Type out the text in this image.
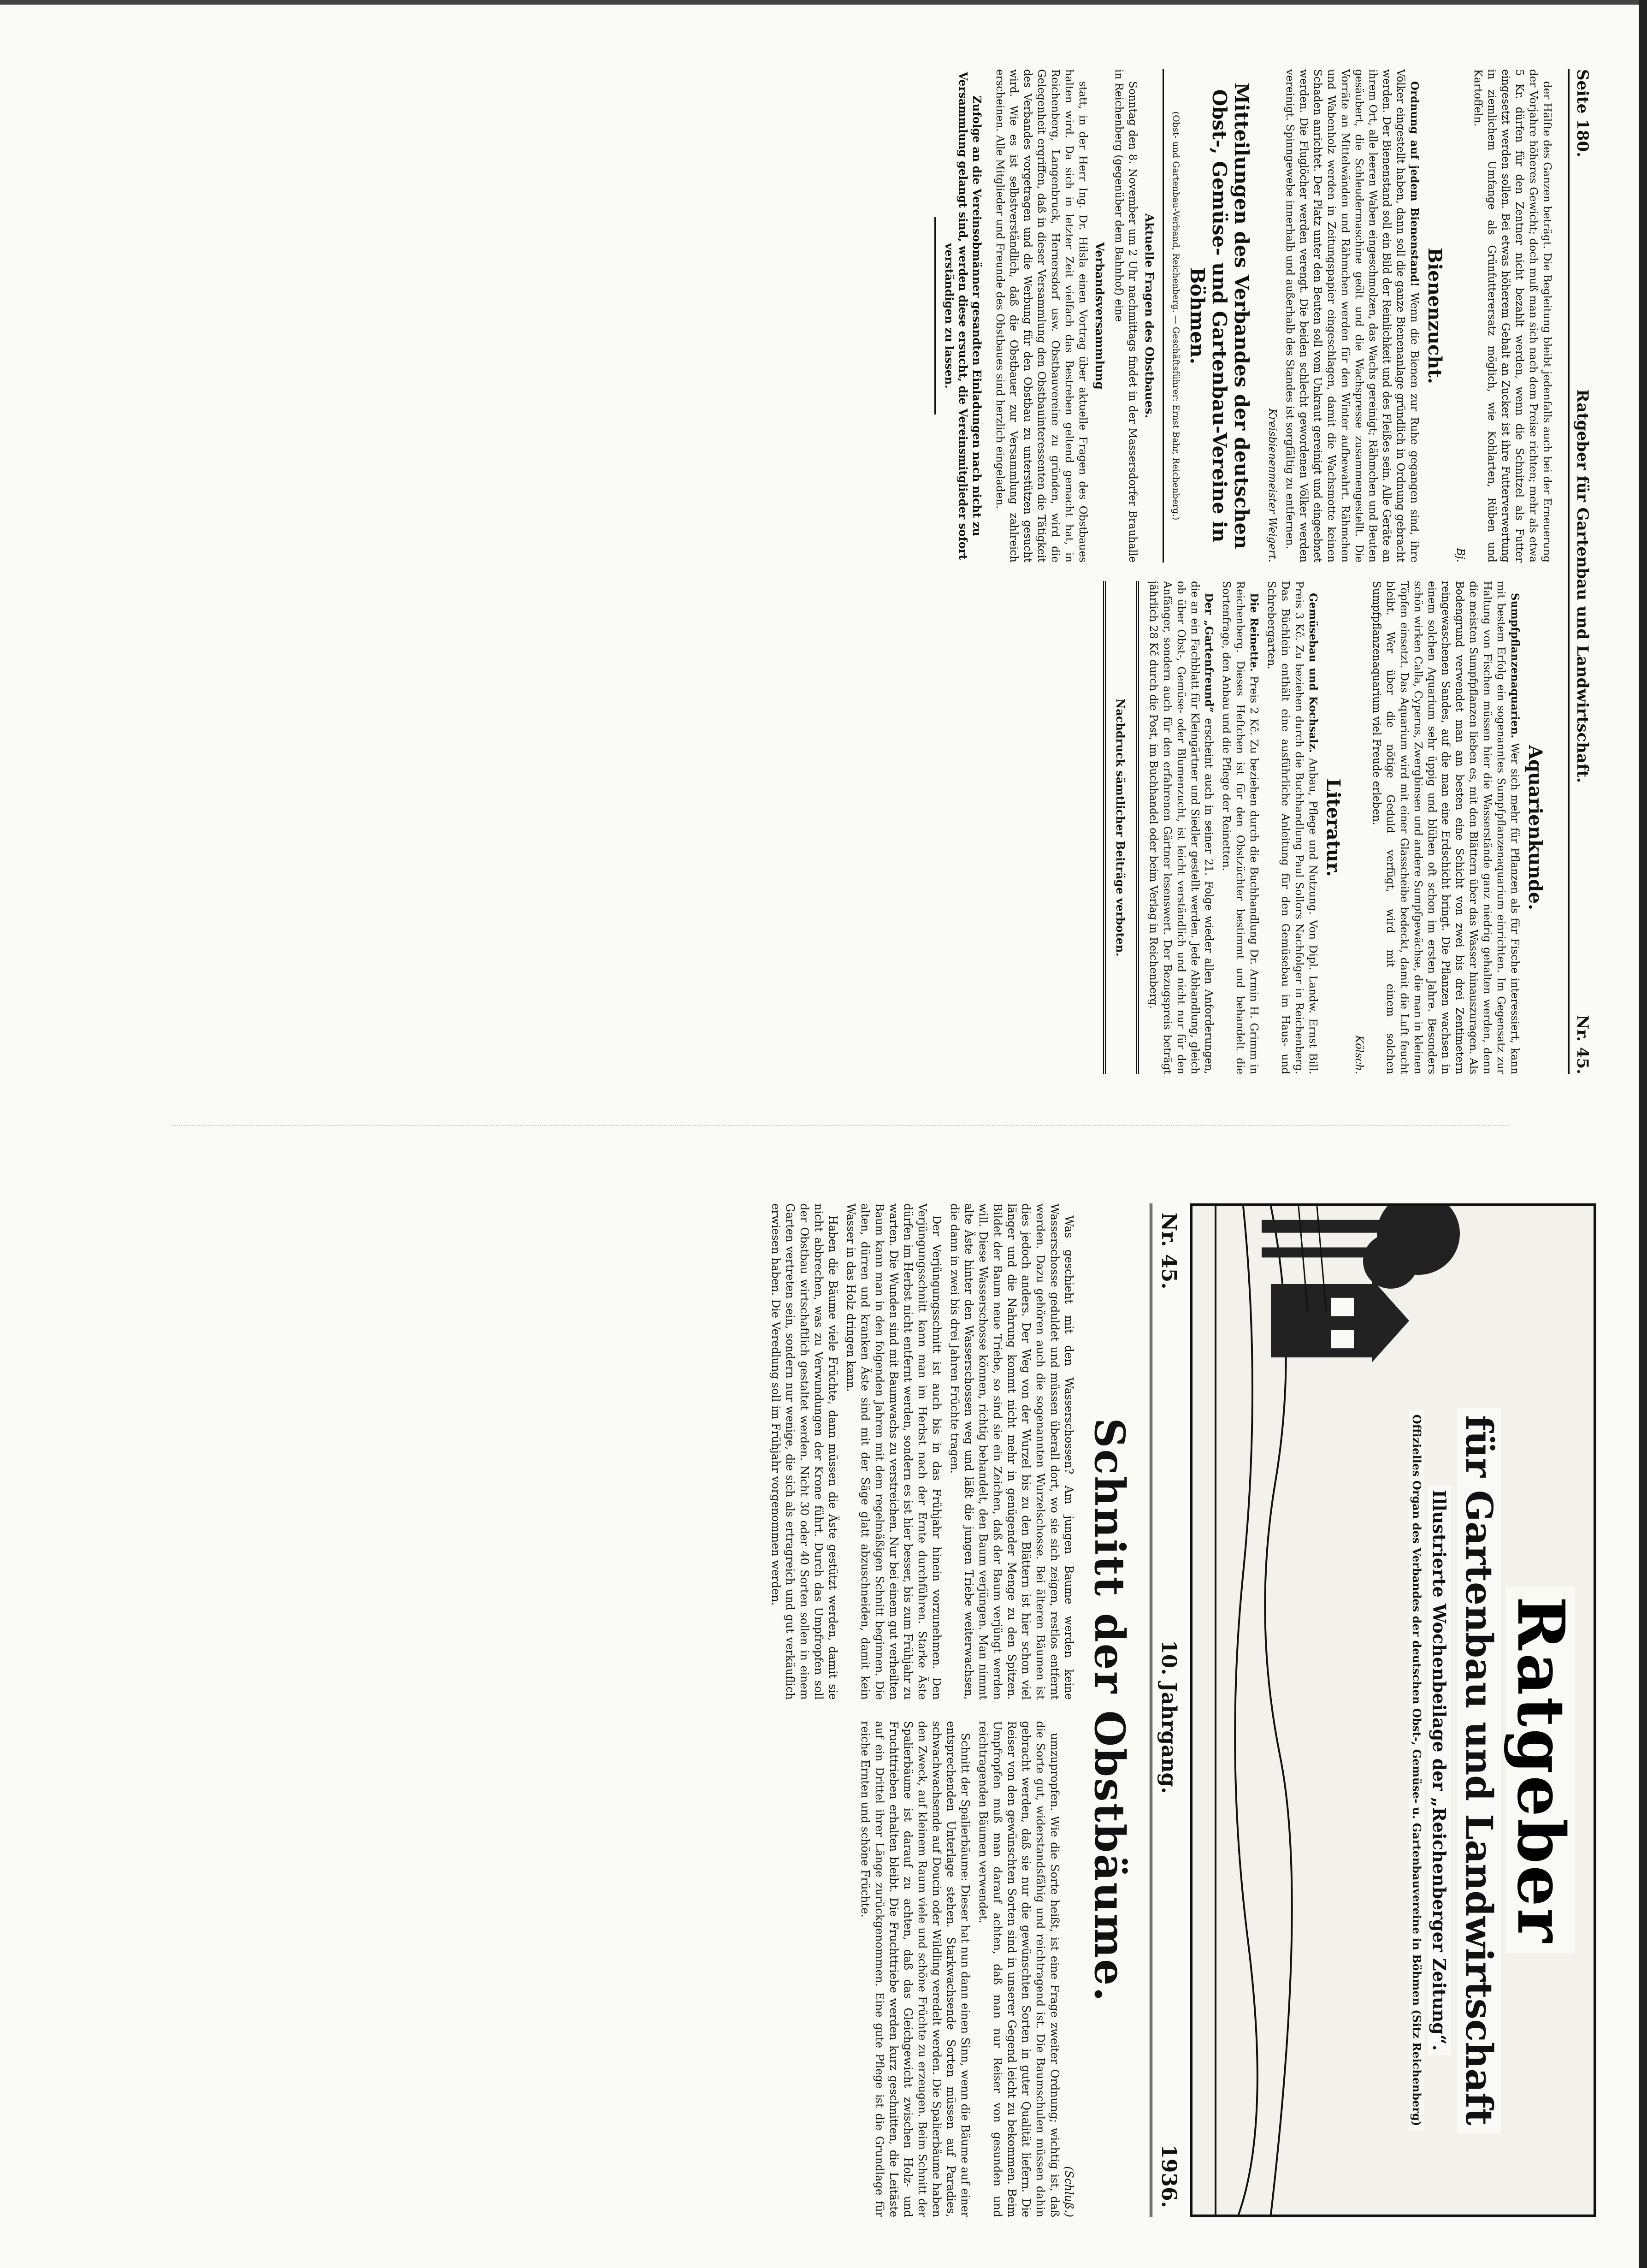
Seite 180.
Ratgeber für Gartenbau und Landwirtschaft.
Nr. 45.

der Hälfte des Ganzen beträgt. Die Begleitung bleibt jedenfalls auch bei der Erneuerung der Vorjahre höheres Gewicht; doch muß man sich nach dem Preise richten; mehr als etwa 5 Kr. dürfen für den Zentner nicht bezahlt werden, wenn die Schnitzel als Futter eingesetzt werden sollen. Bei etwas höherem Gehalt an Zucker ist ihre Futterverwertung in ziemlichem Umfange als Grünfutterersatz möglich, wie Kohlarten, Rüben und Kartoffeln.

Bj.
Bienenzucht.

Ordnung auf jedem Bienenstand! Wenn die Bienen zur Ruhe gegangen sind, ihre Völker eingestellt haben, dann soll die ganze Bienenanlage gründlich in Ordnung gebracht werden. Der Bienenstand soll ein Bild der Reinlichkeit und des Fleißes sein. Alle Geräte an ihrem Ort, alle leeren Waben eingeschmolzen, das Wachs gereinigt; Rähmchen und Beuten gesäubert, die Schleudermaschine geölt und die Wachspresse zusammengestellt. Die Vorräte an Mittelwänden und Rähmchen werden für den Winter aufbewahrt. Rähmchen und Wabenholz werden in Zeitungspapier eingeschlagen, damit die Wachsmotte keinen Schaden anrichtet. Der Platz unter den Beuten soll vom Unkraut gereinigt und eingeebnet werden. Die Fluglöcher werden verengt. Die beiden schlecht gewordenen Völker werden vereinigt. Spinngewebe innerhalb und außerhalb des Standes ist sorgfältig zu entfernen.

Kreisbienenmeister Weigert.
Mitteilungen des Verbandes der deutschen Obst-, Gemüse- und Gartenbau-Vereine in Böhmen.
(Obst- und Gartenbau-Verband, Reichenberg. — Geschäftsführer: Ernst Bahr, Reichenberg.)
Aktuelle Fragen des Obstbaues.

Sonntag den 8. November um 2 Uhr nachmittags findet in der Massersdorfer Brauhalle in Reichenberg (gegenüber dem Bahnhof) eine

Verbandsversammlung

statt, in der Herr Ing. Dr. Hilsla einen Vortrag über aktuelle Fragen des Obstbaues halten wird. Da sich in letzter Zeit vielfach das Bestreben geltend gemacht hat, in Reichenberg, Langenbruck, Hernersdorf usw. Obstbauvereine zu gründen, wird die Gelegenheit ergriffen, daß in dieser Versammlung den Obstbauinteressenten die Tätigkeit des Verbandes vorgetragen und die Werbung für den Obstbau zu unterstützen gesucht wird. Wie es ist selbstverständlich, daß die Obstbauer zur Versammlung zahlreich erscheinen. Alle Mitglieder und Freunde des Obstbaues sind herzlich eingeladen.

Zufolge an die Vereinsobmänner gesandten Einladungen nach nicht zu Versammlung gelangt sind, werden diese ersucht, die Vereinsmitglieder sofort verständigen zu lassen.
Aquarienkunde.

Sumpfpflanzenaquarien. Wer sich mehr für Pflanzen als für Fische interessiert, kann mit bestem Erfolg ein sogenanntes Sumpfpflanzenaquarium einrichten. Im Gegensatz zur Haltung von Fischen müssen hier die Wasserstände ganz niedrig gehalten werden, denn die meisten Sumpfpflanzen lieben es, mit den Blättern über das Wasser hinauszuragen. Als Bodengrund verwendet man am besten eine Schicht von zwei bis drei Zentimetern reingewaschenen Sandes, auf die man eine Erdschicht bringt. Die Pflanzen wachsen in einem solchen Aquarium sehr üppig und blühen oft schon im ersten Jahre. Besonders schön wirken Calla, Cyperus, Zwergbinsen und andere Sumpfgewächse, die man in kleinen Töpfen einsetzt. Das Aquarium wird mit einer Glasscheibe bedeckt, damit die Luft feucht bleibt. Wer über die nötige Geduld verfügt, wird mit einem solchen Sumpfpflanzenaquarium viel Freude erleben.

Kölsch.
Literatur.

Gemüsebau und Kochsalz. Anbau, Pflege und Nutzung. Von Dipl. Landw. Ernst Bill. Preis 3 Kč. Zu beziehen durch die Buchhandlung Paul Sollors Nachfolger in Reichenberg. Das Büchlein enthält eine ausführliche Anleitung für den Gemüsebau im Haus- und Schrebergarten.

Die Reinette. Preis 2 Kč. Zu beziehen durch die Buchhandlung Dr. Armin H. Grimm in Reichenberg. Dieses Heftchen ist für den Obstzüchter bestimmt und behandelt die Sortenfrage, den Anbau und die Pflege der Reinetten.

Der „Gartenfreund“ erscheint auch in seiner 21. Folge wieder allen Anforderungen, die an ein Fachblatt für Kleingärtner und Siedler gestellt werden. Jede Abhandlung, gleich ob über Obst-, Gemüse- oder Blumenzucht, ist leicht verständlich und nicht nur für den Anfänger, sondern auch für den erfahrenen Gärtner lesenswert. Der Bezugspreis beträgt jährlich 28 Kč durch die Post, im Buchhandel oder beim Verlag in Reichenberg.

Nachdruck sämtlicher Beiträge verboten.
Ratgeber
für Gartenbau und Landwirtschaft
Illustrierte Wochenbeilage der „Reichenberger Zeitung“.
Offizielles Organ des Verbandes der deutschen Obst-, Gemüse- u. Gartenbauvereine in Böhmen (Sitz Reichenberg)
Nr. 45.
10. Jahrgang.
1936.
Schnitt der Obstbäume.

Was geschieht mit den Wasserschossen? Am jungen Baume werden keine Wasserschosse geduldet und müssen überall dort, wo sie sich zeigen, restlos entfernt werden. Dazu gehören auch die sogenannten Wurzelschosse. Bei älteren Bäumen ist dies jedoch anders. Der Weg von der Wurzel bis zu den Blättern ist hier schon viel länger und die Nahrung kommt nicht mehr in genügender Menge zu den Spitzen. Bildet der Baum neue Triebe, so sind sie ein Zeichen, daß der Baum verjüngt werden will. Diese Wasserschosse können, richtig behandelt, den Baum verjüngen. Man nimmt alte Äste hinter den Wasserschossen weg und läßt die jungen Triebe weiterwachsen, die dann in zwei bis drei Jahren Früchte tragen.

Der Verjüngungsschnitt ist auch bis in das Frühjahr hinein vorzunehmen. Den Verjüngungsschnitt kann man im Herbst nach der Ernte durchführen. Starke Äste dürfen im Herbst nicht entfernt werden, sondern es ist hier besser, bis zum Frühjahr zu warten. Die Wunden sind mit Baumwachs zu verstreichen. Nur bei einem gut verheilten Baum kann man in den folgenden Jahren mit dem regelmäßigen Schnitt beginnen. Die alten, dürren und kranken Äste sind mit der Säge glatt abzuschneiden, damit kein Wasser in das Holz dringen kann.

Haben die Bäume viele Früchte, dann müssen die Äste gestützt werden, damit sie nicht abbrechen, was zu Verwundungen der Krone führt. Durch das Umpfropfen soll der Obstbau wirtschaftlich gestaltet werden. Nicht 30 oder 40 Sorten sollen in einem Garten vertreten sein, sondern nur wenige, die sich als ertragreich und gut verkäuflich erwiesen haben. Die Veredlung soll im Frühjahr vorgenommen werden.

(Schluß.)

umzupropfen. Wie die Sorte heißt, ist eine Frage zweiter Ordnung; wichtig ist, daß die Sorte gut, widerstandsfähig und reichtragend ist. Die Baumschulen müssen dahin gebracht werden, daß sie nur die gewünschten Sorten in guter Qualität liefern. Die Reiser von den gewünschten Sorten sind in unserer Gegend leicht zu bekommen. Beim Umpfropfen muß man darauf achten, daß man nur Reiser von gesunden und reichtragenden Bäumen verwendet.

Schnitt der Spalierbäume: Dieser hat nun dann einen Sinn, wenn die Bäume auf einer entsprechenden Unterlage stehen. Starkwachsende Sorten müssen auf Paradies, schwachwachsende auf Doucin oder Wildling veredelt werden. Die Spalierbäume haben den Zweck, auf kleinem Raum viele und schöne Früchte zu erzeugen. Beim Schnitt der Spalierbäume ist darauf zu achten, daß das Gleichgewicht zwischen Holz- und Fruchttrieben erhalten bleibt. Die Fruchttriebe werden kurz geschnitten, die Leitäste auf ein Drittel ihrer Länge zurückgenommen. Eine gute Pflege ist die Grundlage für reiche Ernten und schöne Früchte.
